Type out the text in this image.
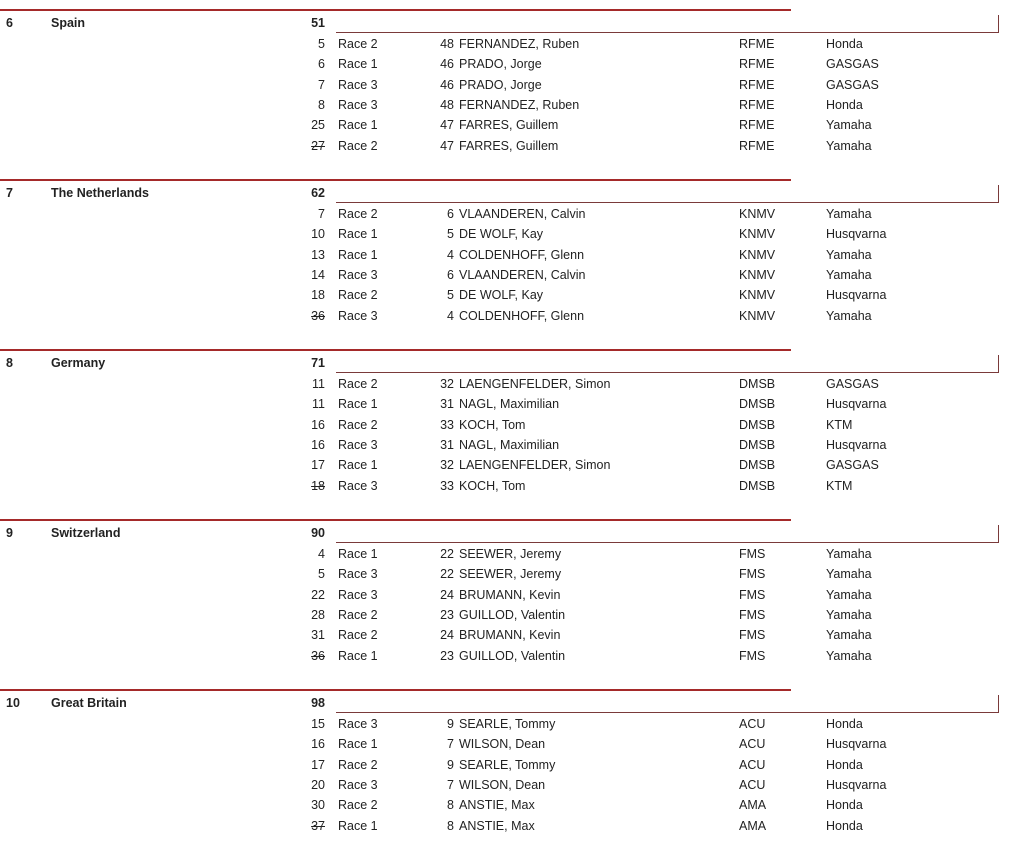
6	Spain	51
5 Race 2	48 FERNANDEZ, Ruben	RFME	Honda
6 Race 1	46 PRADO, Jorge	RFME	GASGAS
7 Race 3	46 PRADO, Jorge	RFME	GASGAS
8 Race 3	48 FERNANDEZ, Ruben	RFME	Honda
25 Race 1	47 FARRES, Guillem	RFME	Yamaha
27 Race 2	47 FARRES, Guillem	RFME	Yamaha
7	The Netherlands	62
7 Race 2	6 VLAANDEREN, Calvin	KNMV	Yamaha
10 Race 1	5 DE WOLF, Kay	KNMV	Husqvarna
13 Race 1	4 COLDENHOFF, Glenn	KNMV	Yamaha
14 Race 3	6 VLAANDEREN, Calvin	KNMV	Yamaha
18 Race 2	5 DE WOLF, Kay	KNMV	Husqvarna
36 Race 3	4 COLDENHOFF, Glenn	KNMV	Yamaha
8	Germany	71
11 Race 2	32 LAENGENFELDER, Simon	DMSB	GASGAS
11 Race 1	31 NAGL, Maximilian	DMSB	Husqvarna
16 Race 2	33 KOCH, Tom	DMSB	KTM
16 Race 3	31 NAGL, Maximilian	DMSB	Husqvarna
17 Race 1	32 LAENGENFELDER, Simon	DMSB	GASGAS
18 Race 3	33 KOCH, Tom	DMSB	KTM
9	Switzerland	90
4 Race 1	22 SEEWER, Jeremy	FMS	Yamaha
5 Race 3	22 SEEWER, Jeremy	FMS	Yamaha
22 Race 3	24 BRUMANN, Kevin	FMS	Yamaha
28 Race 2	23 GUILLOD, Valentin	FMS	Yamaha
31 Race 2	24 BRUMANN, Kevin	FMS	Yamaha
36 Race 1	23 GUILLOD, Valentin	FMS	Yamaha
10 Great Britain	98
15 Race 3	9 SEARLE, Tommy	ACU	Honda
16 Race 1	7 WILSON, Dean	ACU	Husqvarna
17 Race 2	9 SEARLE, Tommy	ACU	Honda
20 Race 3	7 WILSON, Dean	ACU	Husqvarna
30 Race 2	8 ANSTIE, Max	AMA	Honda
37 Race 1	8 ANSTIE, Max	AMA	Honda
